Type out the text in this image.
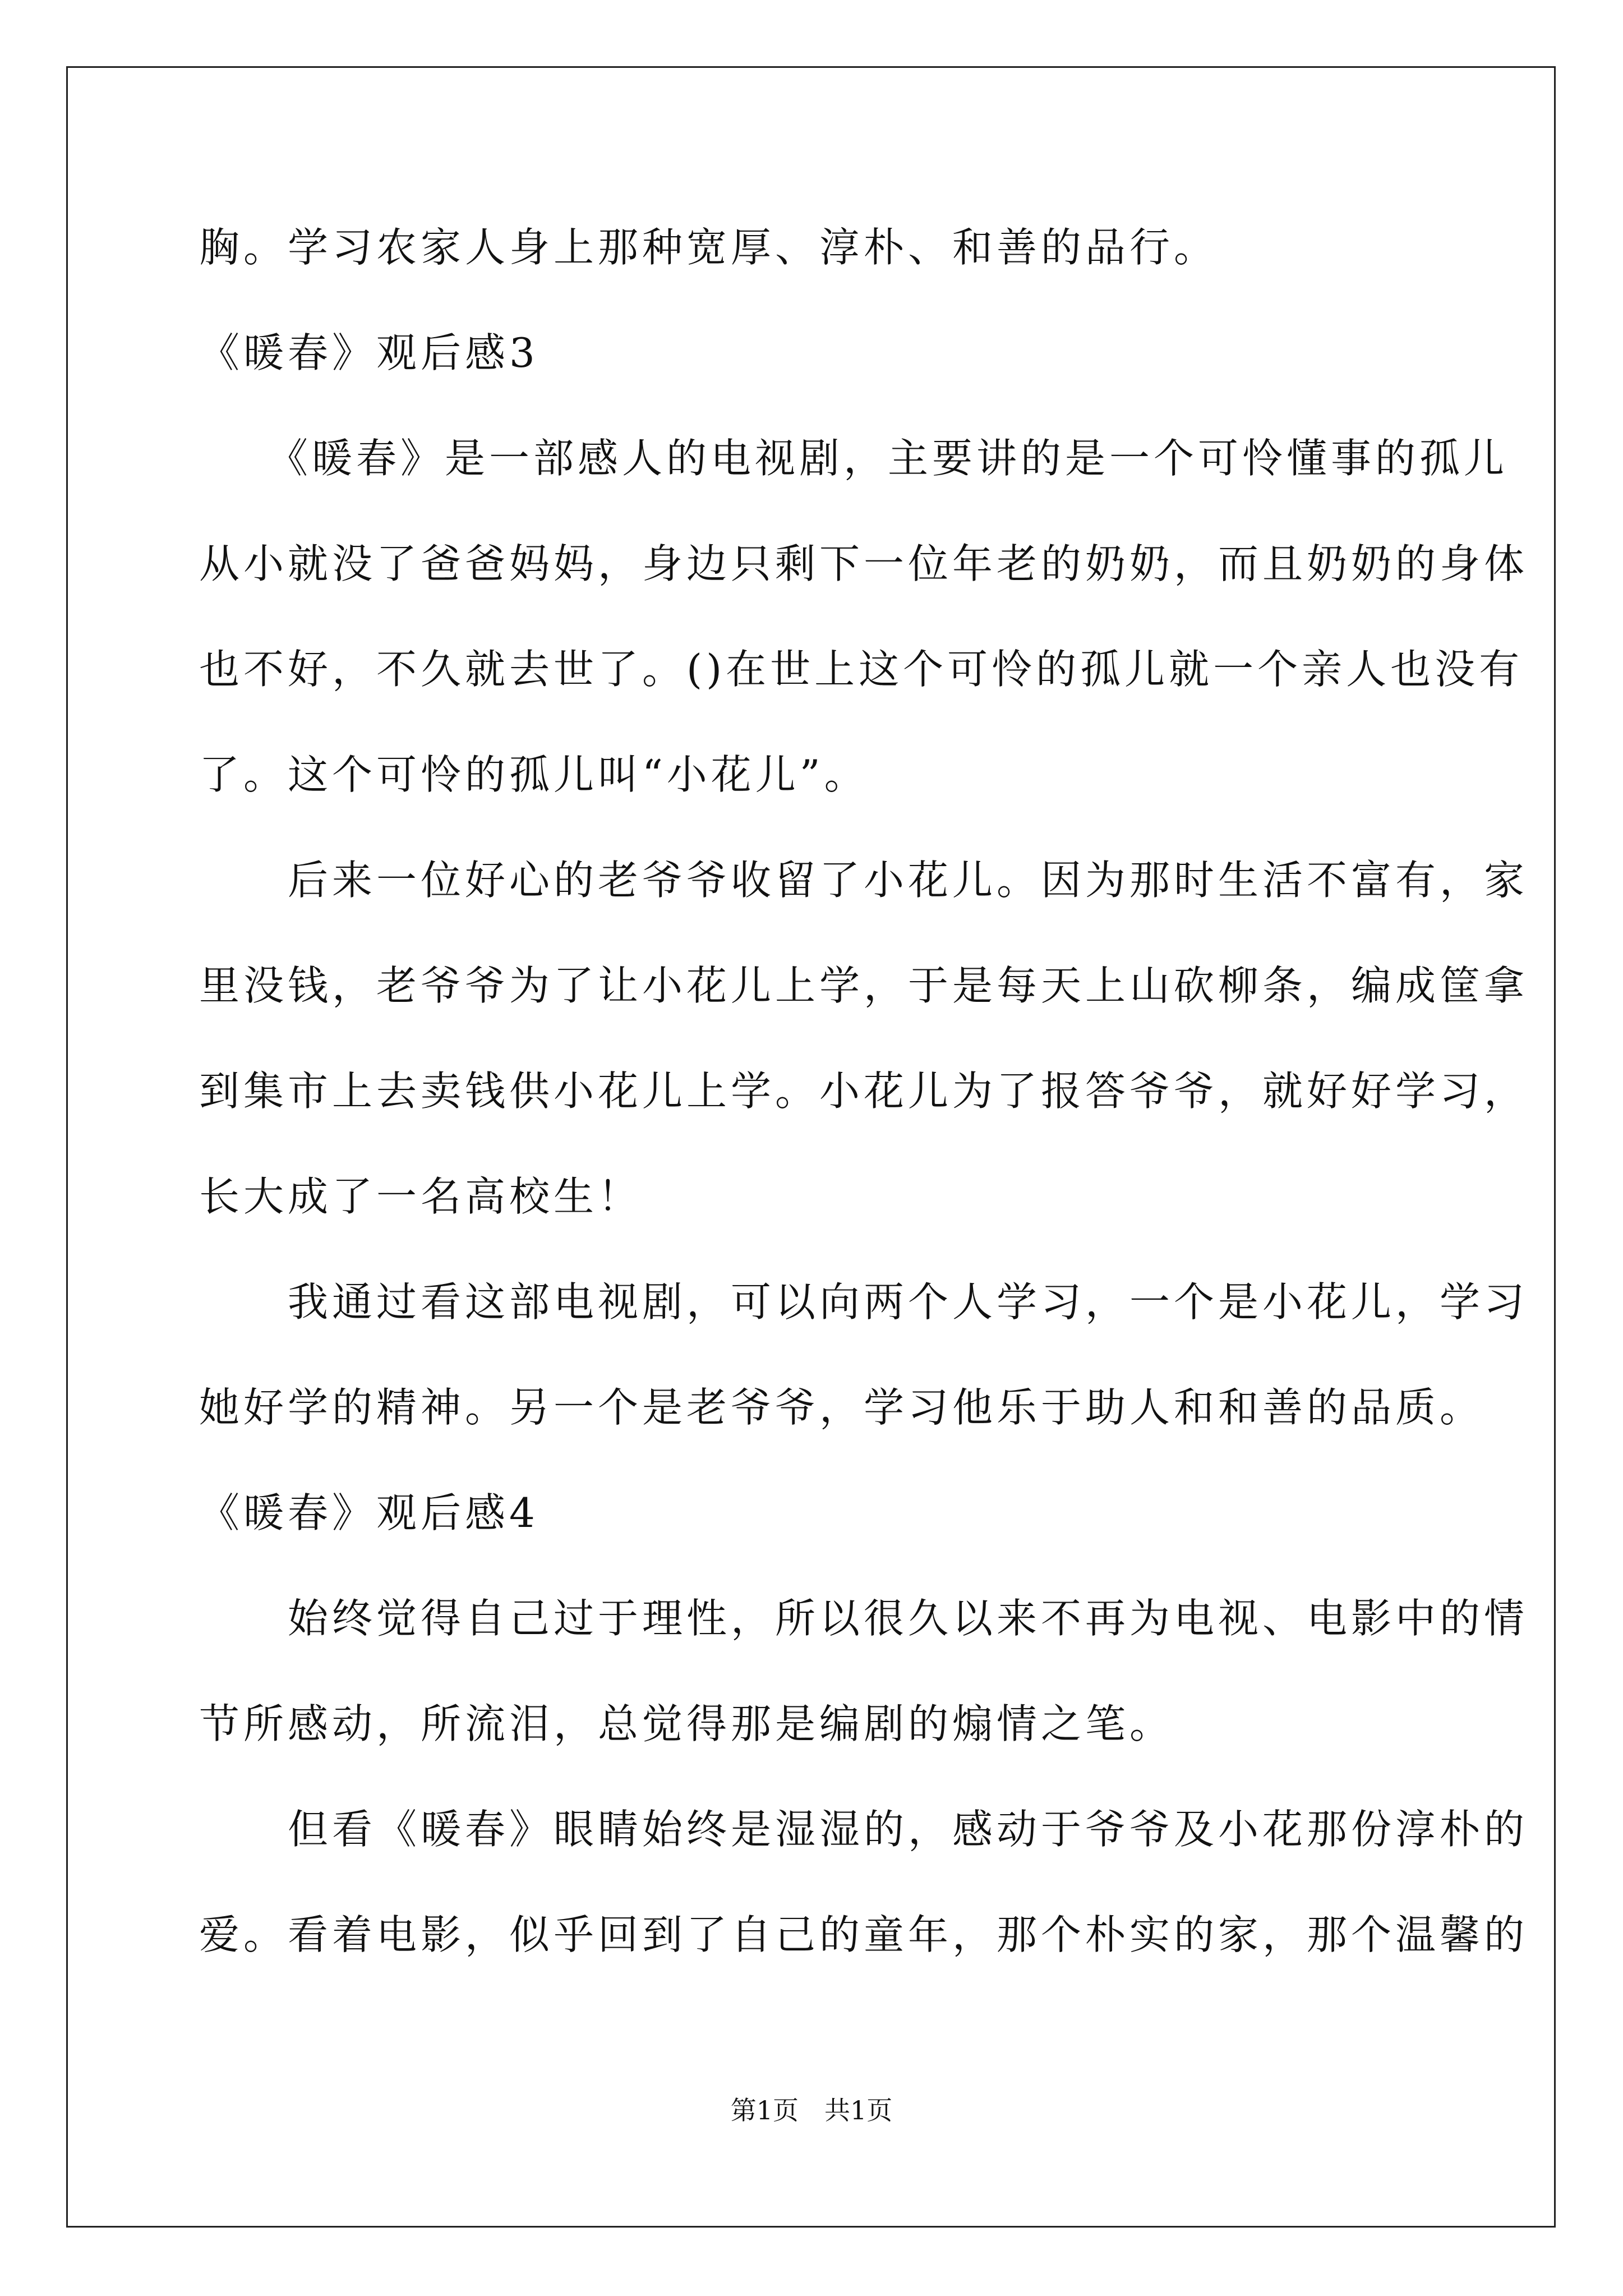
胸。学习农家人身上那种宽厚、淳朴、和善的品行。
《暖春》观后感3
　　《暖春》是一部感人的电视剧，主要讲的是一个可怜懂事的孤儿
从小就没了爸爸妈妈，身边只剩下一位年老的奶奶，而且奶奶的身体
也不好，不久就去世了。()在世上这个可怜的孤儿就一个亲人也没有
了。这个可怜的孤儿叫“小花儿”。
　　后来一位好心的老爷爷收留了小花儿。因为那时生活不富有，家
里没钱，老爷爷为了让小花儿上学，于是每天上山砍柳条，编成筐拿
到集市上去卖钱供小花儿上学。小花儿为了报答爷爷，就好好学习，
长大成了一名高校生！
　　我通过看这部电视剧，可以向两个人学习，一个是小花儿，学习
她好学的精神。另一个是老爷爷，学习他乐于助人和和善的品质。
《暖春》观后感4
　　始终觉得自己过于理性，所以很久以来不再为电视、电影中的情
节所感动，所流泪，总觉得那是编剧的煽情之笔。
　　但看《暖春》眼睛始终是湿湿的，感动于爷爷及小花那份淳朴的
爱。看着电影，似乎回到了自己的童年，那个朴实的家，那个温馨的
第1页　共1页
